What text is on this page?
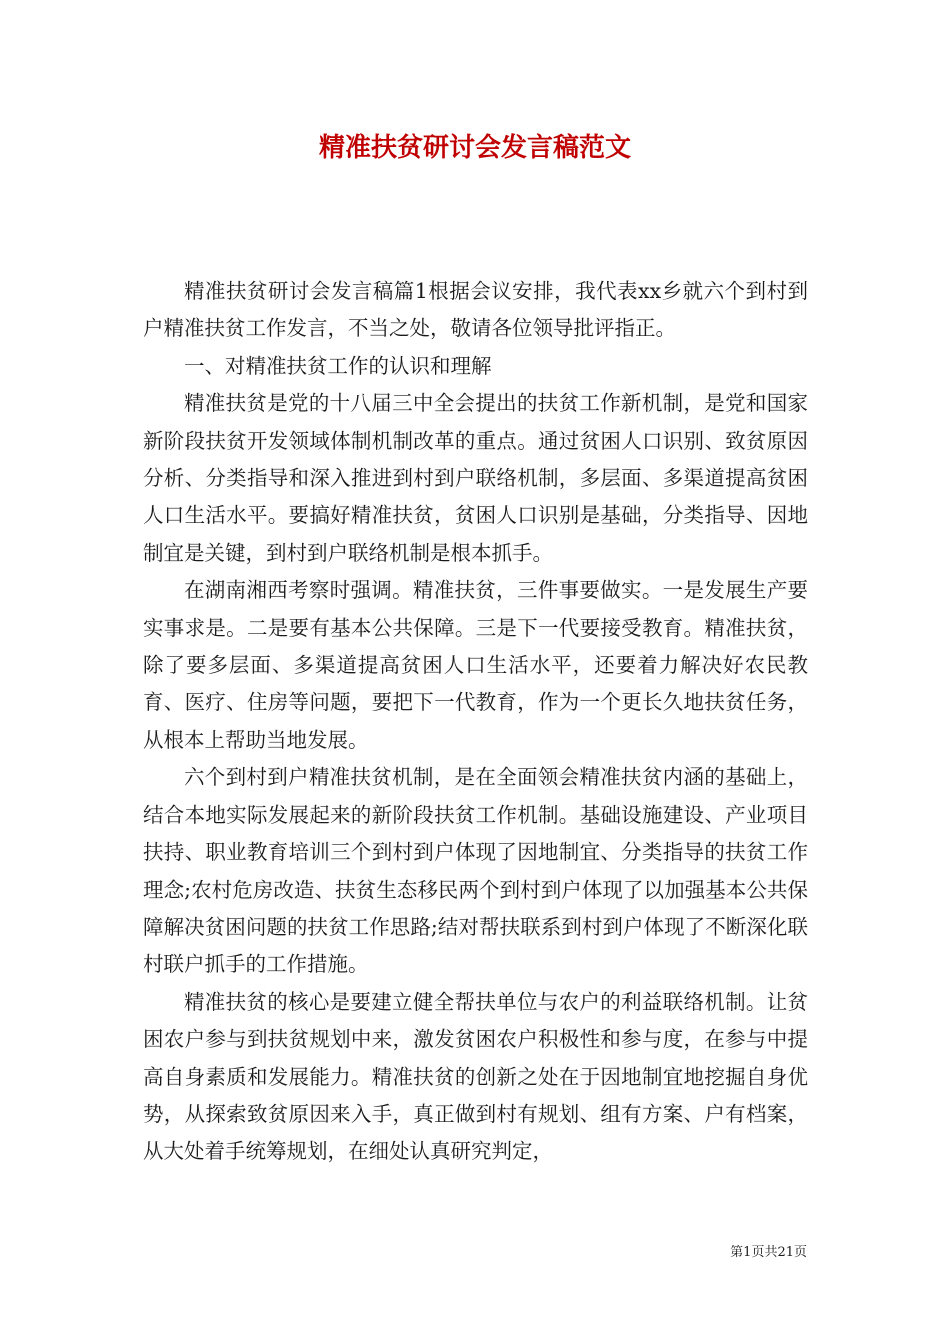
精准扶贫研讨会发言稿范文

精准扶贫研讨会发言稿篇1根据会议安排，我代表xx乡就六个到村到户精准扶贫工作发言，不当之处，敬请各位领导批评指正。

一、对精准扶贫工作的认识和理解

精准扶贫是党的十八届三中全会提出的扶贫工作新机制，是党和国家新阶段扶贫开发领域体制机制改革的重点。通过贫困人口识别、致贫原因分析、分类指导和深入推进到村到户联络机制，多层面、多渠道提高贫困人口生活水平。要搞好精准扶贫，贫困人口识别是基础，分类指导、因地制宜是关键，到村到户联络机制是根本抓手。

在湖南湘西考察时强调。精准扶贫，三件事要做实。一是发展生产要实事求是。二是要有基本公共保障。三是下一代要接受教育。精准扶贫，除了要多层面、多渠道提高贫困人口生活水平，还要着力解决好农民教育、医疗、住房等问题，要把下一代教育，作为一个更长久地扶贫任务，从根本上帮助当地发展。

六个到村到户精准扶贫机制，是在全面领会精准扶贫内涵的基础上，结合本地实际发展起来的新阶段扶贫工作机制。基础设施建设、产业项目扶持、职业教育培训三个到村到户体现了因地制宜、分类指导的扶贫工作理念;农村危房改造、扶贫生态移民两个到村到户体现了以加强基本公共保障解决贫困问题的扶贫工作思路;结对帮扶联系到村到户体现了不断深化联村联户抓手的工作措施。

精准扶贫的核心是要建立健全帮扶单位与农户的利益联络机制。让贫困农户参与到扶贫规划中来，激发贫困农户积极性和参与度，在参与中提高自身素质和发展能力。精准扶贫的创新之处在于因地制宜地挖掘自身优势，从探索致贫原因来入手，真正做到村有规划、组有方案、户有档案，从大处着手统筹规划，在细处认真研究判定，

第1页共21页
